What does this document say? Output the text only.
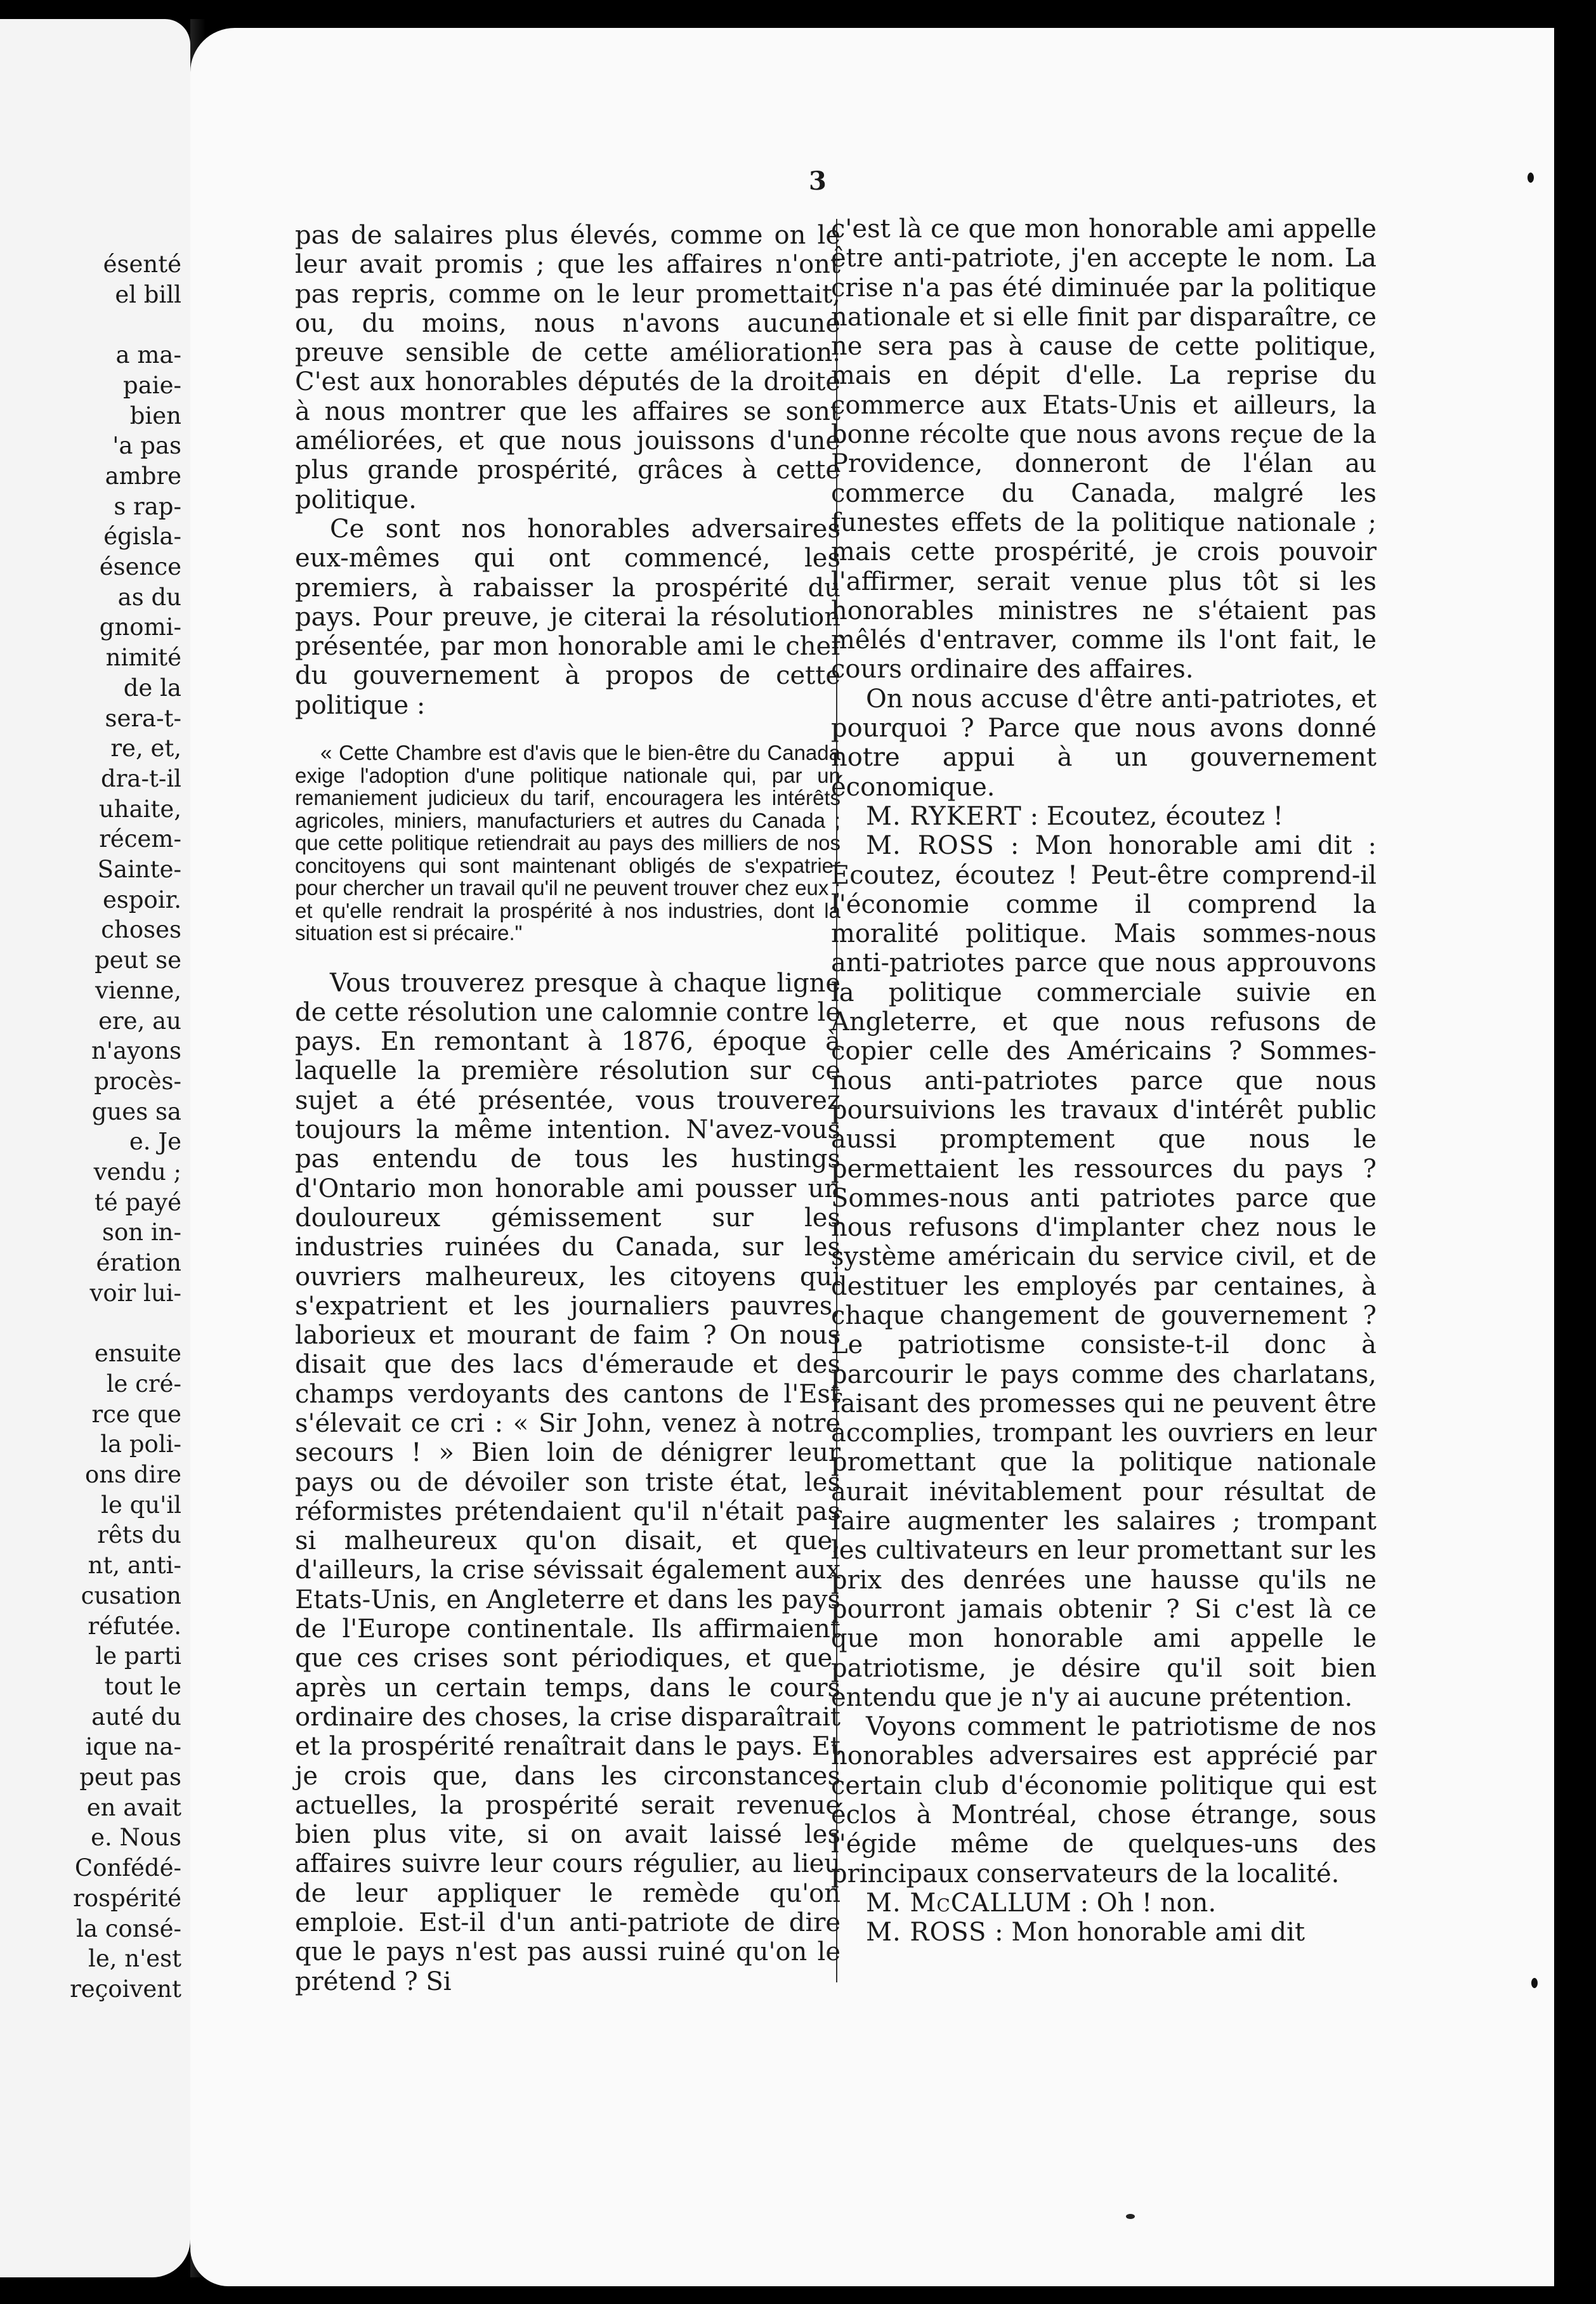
ésenté
el bill
a ma-
paie-
bien
'a pas
ambre
s rap-
égisla-
ésence
as du
gnomi-
nimité
de la
sera-t-
re, et,
dra-t-il
uhaite,
récem-
Sainte-
espoir.
choses
peut se
vienne,
ere, au
n'ayons
procès-
gues sa
e. Je
vendu ;
té payé
son in-
ération
voir lui-
ensuite
le cré-
rce que
la poli-
ons dire
le qu'il
rêts du
nt, anti-
cusation
réfutée.
le parti
tout le
auté du
ique na-
peut pas
en avait
e. Nous
Confédé-
rospérité
la consé-
le, n'est
reçoivent
3

pas de salaires plus élevés, comme on le leur avait promis ; que les affaires n'ont pas repris, comme on le leur promettait, ou, du moins, nous n'avons aucune preuve sensible de cette amélioration. C'est aux honorables députés de la droite à nous montrer que les affaires se sont améliorées, et que nous jouissons d'une plus grande prospérité, grâces à cette politique.

Ce sont nos honorables adversaires eux-mêmes qui ont commencé, les premiers, à rabaisser la prospérité du pays. Pour preuve, je citerai la résolution présentée, par mon honorable ami le chef du gouvernement à propos de cette politique :

« Cette Chambre est d'avis que le bien-être du Canada exige l'adoption d'une politique nationale qui, par un remaniement judicieux du tarif, encouragera les intérêts agricoles, miniers, manufacturiers et autres du Canada ; que cette politique retiendrait au pays des milliers de nos concitoyens qui sont maintenant obligés de s'expatrier pour chercher un travail qu'il ne peuvent trouver chez eux ; et qu'elle rendrait la prospérité à nos industries, dont la situation est si précaire."

Vous trouverez presque à chaque ligne de cette résolution une calomnie contre le pays. En remontant à 1876, époque à laquelle la première résolution sur ce sujet a été présentée, vous trouverez toujours la même intention. N'avez-vous pas entendu de tous les hustings d'Ontario mon honorable ami pousser un douloureux gémissement sur les industries ruinées du Canada, sur les ouvriers malheureux, les citoyens qui s'expatrient et les journaliers pauvres, laborieux et mourant de faim ? On nous disait que des lacs d'émeraude et des champs verdoyants des cantons de l'Est s'élevait ce cri : « Sir John, venez à notre secours ! » Bien loin de dénigrer leur pays ou de dévoiler son triste état, les réformistes prétendaient qu'il n'était pas si malheureux qu'on disait, et que, d'ailleurs, la crise sévissait également aux Etats-Unis, en Angleterre et dans les pays de l'Europe continentale. Ils affirmaient que ces crises sont périodiques, et que, après un certain temps, dans le cours ordinaire des choses, la crise disparaîtrait et la prospérité renaîtrait dans le pays. Et je crois que, dans les circonstances actuelles, la prospérité serait revenue bien plus vite, si on avait laissé les affaires suivre leur cours régulier, au lieu de leur appliquer le remède qu'on emploie. Est-il d'un anti-patriote de dire que le pays n'est pas aussi ruiné qu'on le prétend ? Si

c'est là ce que mon honorable ami appelle être anti-patriote, j'en accepte le nom. La crise n'a pas été diminuée par la politique nationale et si elle finit par disparaître, ce ne sera pas à cause de cette politique, mais en dépit d'elle. La reprise du commerce aux Etats-Unis et ailleurs, la bonne récolte que nous avons reçue de la Providence, donneront de l'élan au commerce du Canada, malgré les funestes effets de la politique nationale ; mais cette prospérité, je crois pouvoir l'affirmer, serait venue plus tôt si les honorables ministres ne s'étaient pas mêlés d'entraver, comme ils l'ont fait, le cours ordinaire des affaires.

On nous accuse d'être anti-patriotes, et pourquoi ? Parce que nous avons donné notre appui à un gouvernement économique.

M. RYKERT : Ecoutez, écoutez !

M. ROSS : Mon honorable ami dit : Ecoutez, écoutez ! Peut-être comprend-il l'économie comme il comprend la moralité politique. Mais sommes-nous anti-patriotes parce que nous approuvons la politique commerciale suivie en Angleterre, et que nous refusons de copier celle des Américains ? Sommes-nous anti-patriotes parce que nous poursuivions les travaux d'intérêt public aussi promptement que nous le permettaient les ressources du pays ? Sommes-nous anti patriotes parce que nous refusons d'implanter chez nous le système américain du service civil, et de destituer les employés par centaines, à chaque changement de gouvernement ? Le patriotisme consiste-t-il donc à parcourir le pays comme des charlatans, faisant des promesses qui ne peuvent être accomplies, trompant les ouvriers en leur promettant que la politique nationale aurait inévitablement pour résultat de faire augmenter les salaires ; trompant les cultivateurs en leur promettant sur les prix des denrées une hausse qu'ils ne pourront jamais obtenir ? Si c'est là ce que mon honorable ami appelle le patriotisme, je désire qu'il soit bien entendu que je n'y ai aucune prétention.

Voyons comment le patriotisme de nos honorables adversaires est apprécié par certain club d'économie politique qui est éclos à Montréal, chose étrange, sous l'égide même de quelques-uns des principaux conservateurs de la localité.

M. McCALLUM : Oh ! non.

M. ROSS : Mon honorable ami dit
